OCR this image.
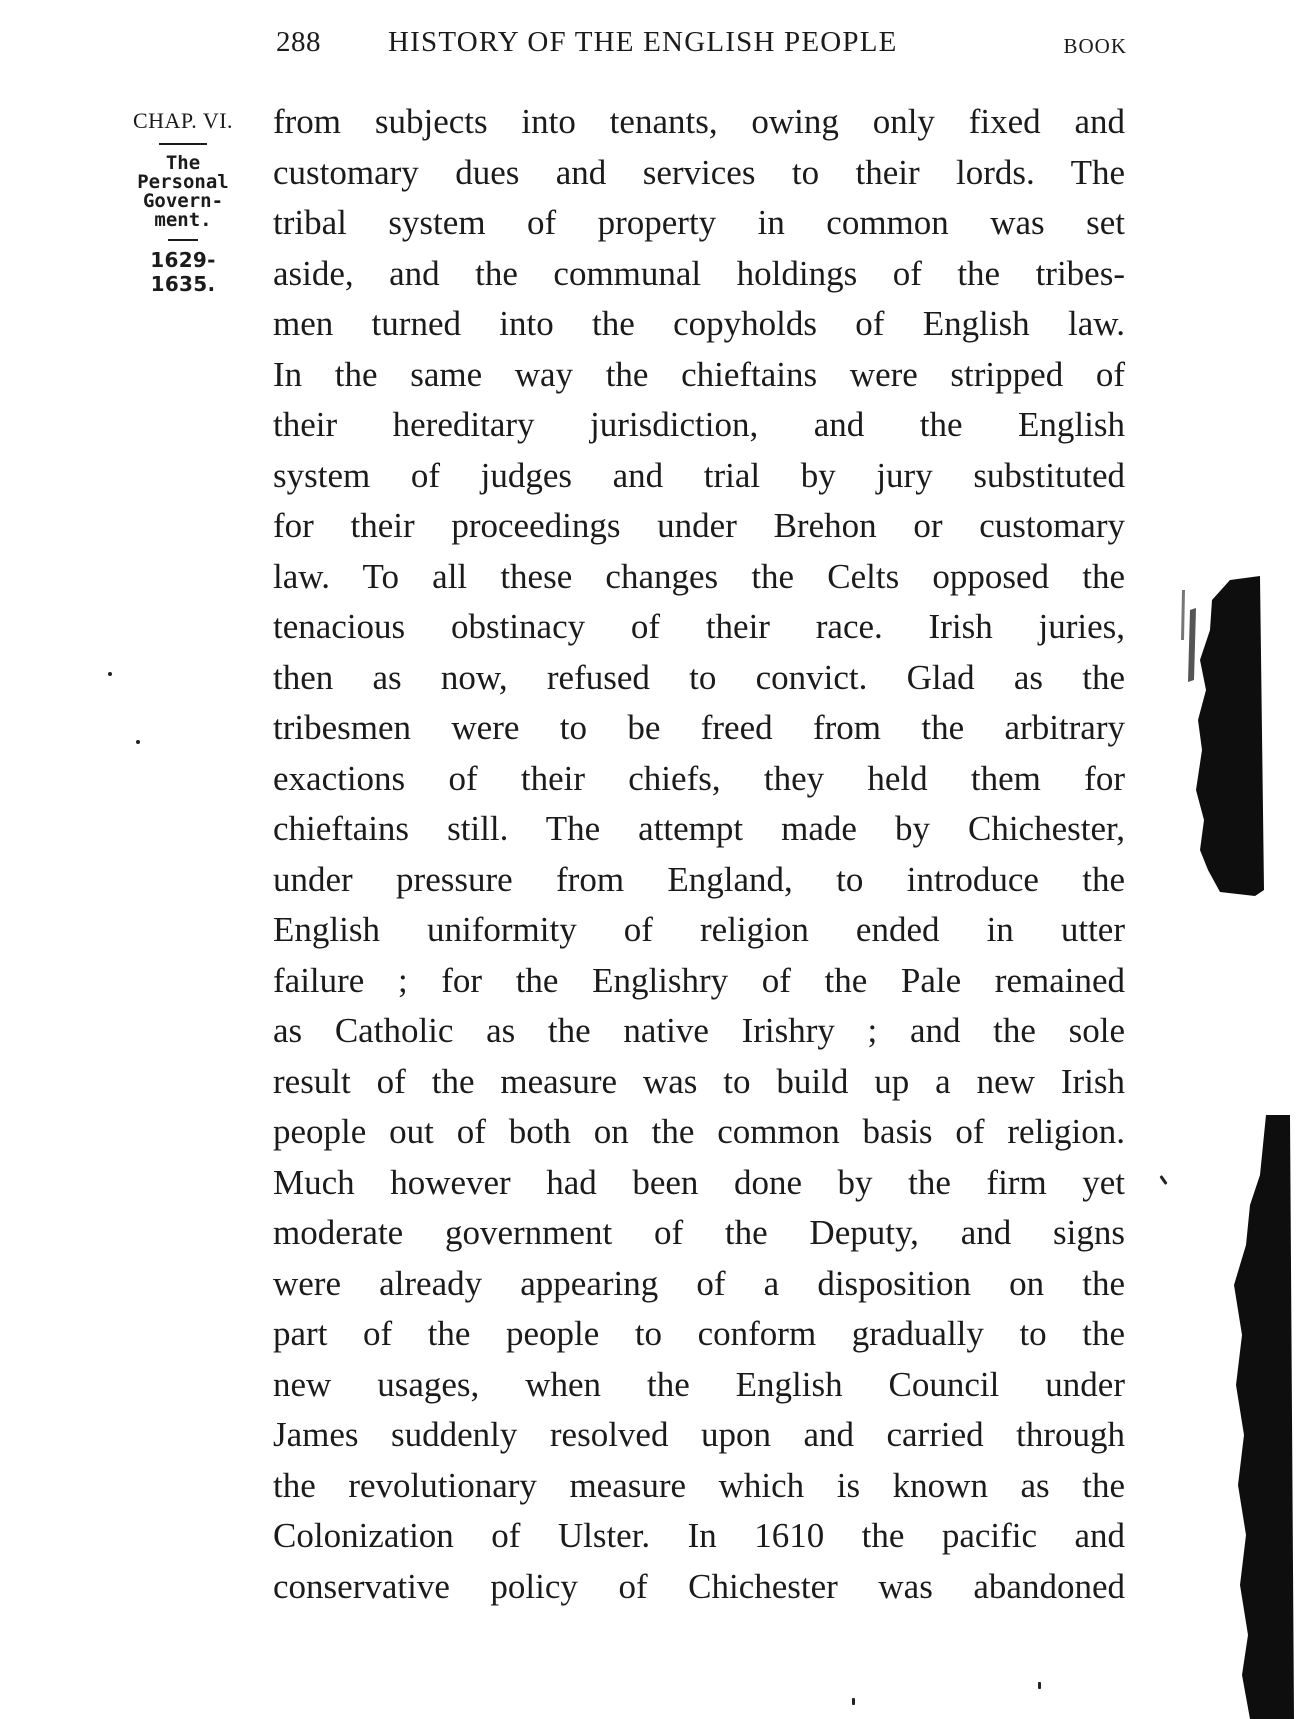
288 HISTORY OF THE ENGLISH PEOPLE	BOOK
CHAP. VI.
The
Personal
Govern-
ment.
1629-1635.
from subjects into tenants, owing only fixed and
customary dues and services to their lords. The
tribal system of property in common was set
aside, and the communal holdings of the tribes-
men turned into the copyholds of English law.
In the same way the chieftains were stripped of
their hereditary jurisdiction, and the English
system of judges and trial by jury substituted
for their proceedings under Brehon or customary
law. To all these changes the Celts opposed the
tenacious obstinacy of their race. Irish juries,
then as now, refused to convict. Glad as the
tribesmen were to be freed from the arbitrary
exactions of their chiefs, they held them for
chieftains still. The attempt made by Chichester,
under pressure from England, to introduce the
English uniformity of religion ended in utter
failure ; for the Englishry of the Pale remained
as Catholic as the native Irishry ; and the sole
result of the measure was to build up a new Irish
people out of both on the common basis of religion.
Much however had been done by the firm yet
moderate government of the Deputy, and signs
were already appearing of a disposition on the
part of the people to conform gradually to the
new usages, when the English Council under
James suddenly resolved upon and carried through
the revolutionary measure which is known as the
Colonization of Ulster. In 1610 the pacific and
conservative policy of Chichester was abandoned
